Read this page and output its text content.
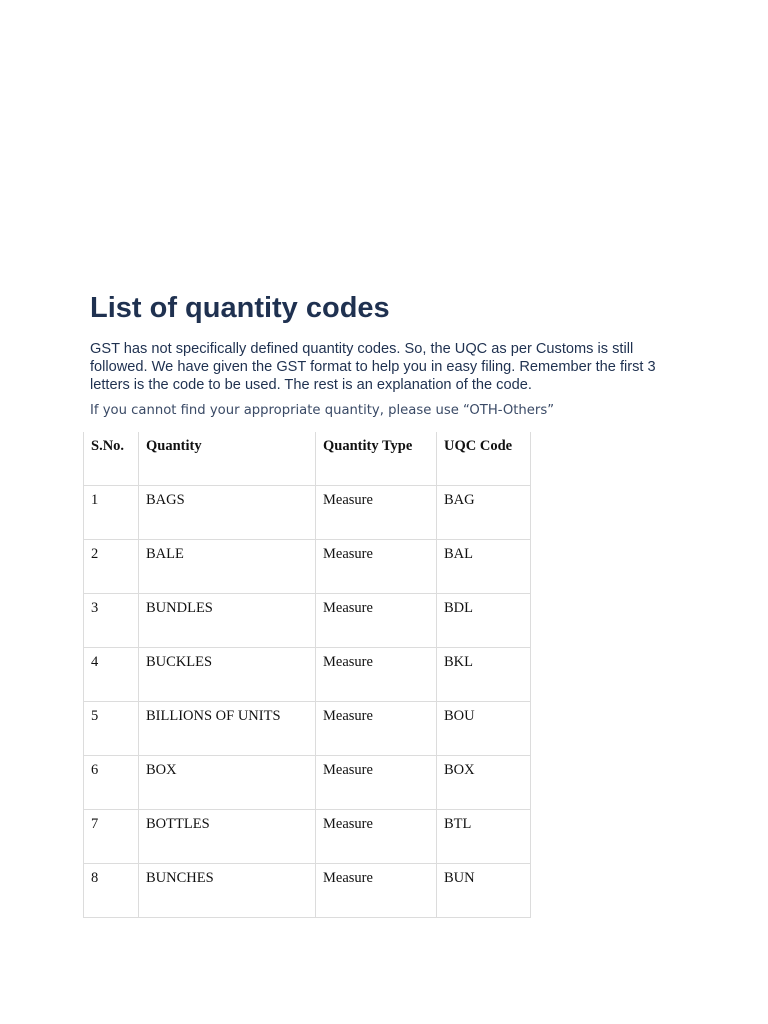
List of quantity codes

GST has not specifically defined quantity codes. So, the UQC as per Customs is still followed. We have given the GST format to help you in easy filing. Remember the first 3 letters is the code to be used. The rest is an explanation of the code.

If you cannot find your appropriate quantity, please use “OTH-Others”

S.No.	Quantity	Quantity Type	UQC Code
1	BAGS	Measure	BAG
2	BALE	Measure	BAL
3	BUNDLES	Measure	BDL
4	BUCKLES	Measure	BKL
5	BILLIONS OF UNITS	Measure	BOU
6	BOX	Measure	BOX
7	BOTTLES	Measure	BTL
8	BUNCHES	Measure	BUN
